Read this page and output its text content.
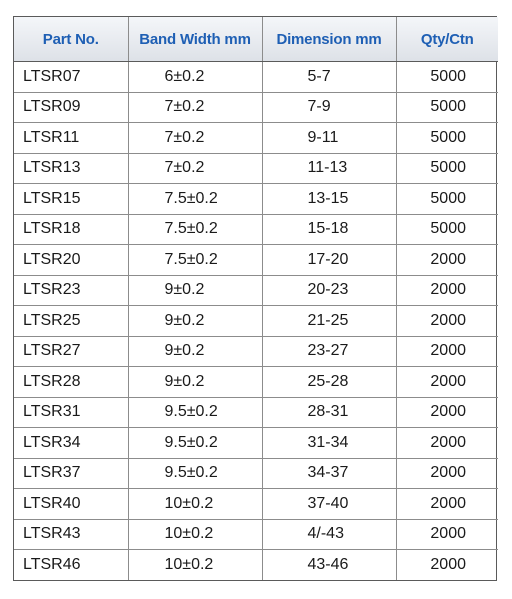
Part No.	Band Width mm	Dimension mm	Qty/Ctn
LTSR07	6±0.2	5-7	5000
LTSR09	7±0.2	7-9	5000
LTSR11	7±0.2	9-11	5000
LTSR13	7±0.2	11-13	5000
LTSR15	7.5±0.2	13-15	5000
LTSR18	7.5±0.2	15-18	5000
LTSR20	7.5±0.2	17-20	2000
LTSR23	9±0.2	20-23	2000
LTSR25	9±0.2	21-25	2000
LTSR27	9±0.2	23-27	2000
LTSR28	9±0.2	25-28	2000
LTSR31	9.5±0.2	28-31	2000
LTSR34	9.5±0.2	31-34	2000
LTSR37	9.5±0.2	34-37	2000
LTSR40	10±0.2	37-40	2000
LTSR43	10±0.2	4/-43	2000
LTSR46	10±0.2	43-46	2000
